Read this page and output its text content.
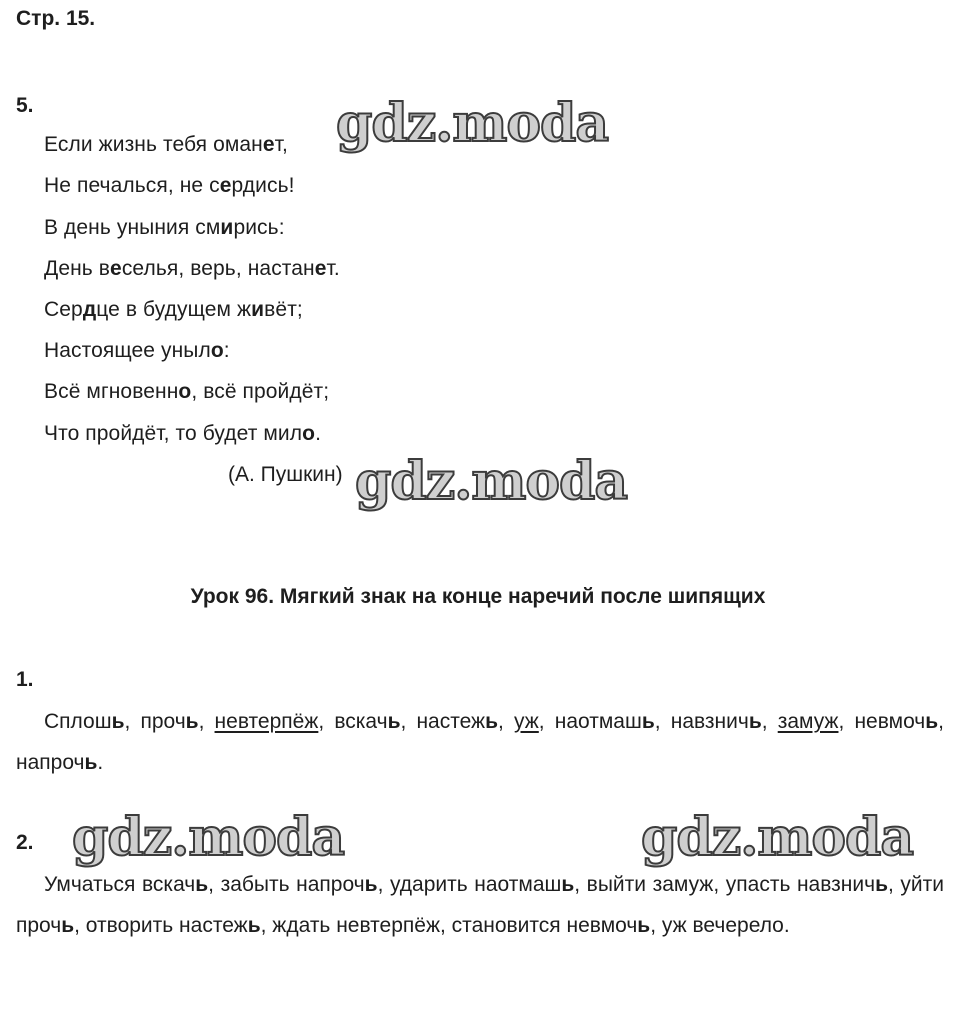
Стр. 15.
5.
Если жизнь тебя оманет,
Не печалься, не сердись!
В день уныния смирись:
День веселья, верь, настанет.
Сердце в будущем живёт;
Настоящее уныло:
Всё мгновенно, всё пройдёт;
Что пройдёт, то будет мило.
(А. Пушкин)
Урок 96. Мягкий знак на конце наречий после шипящих
1.
Сплошь, прочь, невтерпёж, вскачь, настежь, уж, наотмашь, навзничь, замуж, невмочь, напрочь.
2.
Умчаться вскачь, забыть напрочь, ударить наотмашь, выйти замуж, упасть навзничь, уйти прочь, отворить настежь, ждать невтерпёж, становится невмочь, уж вечерело.
gdz.moda
gdz.moda
gdz.moda	gdz.moda
